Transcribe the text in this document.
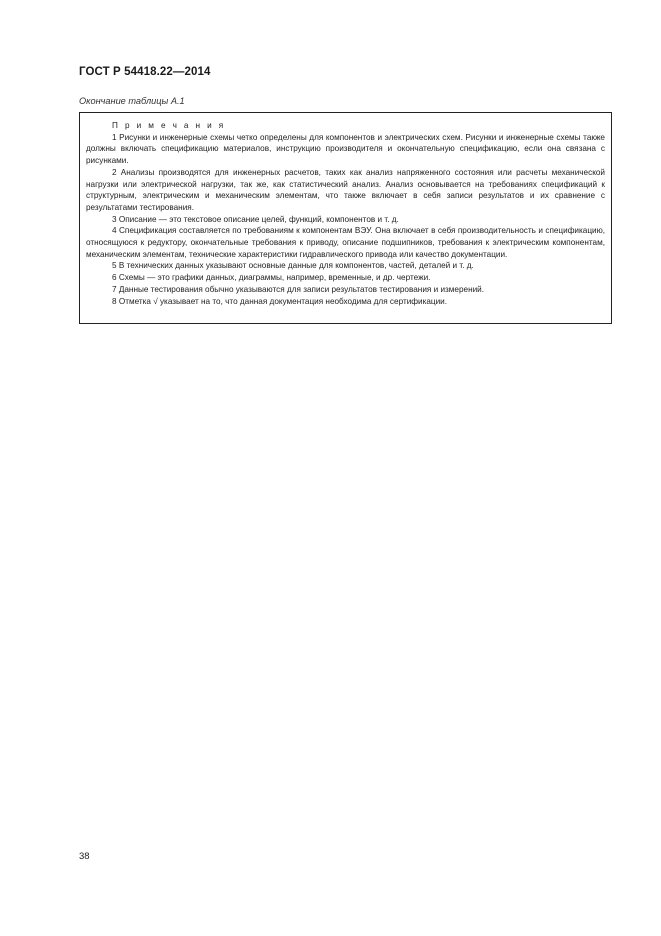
ГОСТ Р 54418.22—2014
Окончание таблицы А.1
П р и м е ч а н и я
1 Рисунки и инженерные схемы четко определены для компонентов и электрических схем. Рисунки и инженерные схемы также должны включать спецификацию материалов, инструкцию производителя и окончательную спецификацию, если она связана с рисунками.
2 Анализы производятся для инженерных расчетов, таких как анализ напряженного состояния или расчеты механической нагрузки или электрической нагрузки, так же, как статистический анализ. Анализ основывается на требованиях спецификаций к структурным, электрическим и механическим элементам, что также включает в себя записи результатов и их сравнение с результатами тестирования.
3 Описание — это текстовое описание целей, функций, компонентов и т. д.
4 Спецификация составляется по требованиям к компонентам ВЭУ. Она включает в себя производительность и спецификацию, относящуюся к редуктору, окончательные требования к приводу, описание подшипников, требования к электрическим компонентам, механическим элементам, технические характеристики гидравлического привода или качество документации.
5 В технических данных указывают основные данные для компонентов, частей, деталей и т. д.
6 Схемы — это графики данных, диаграммы, например, временные, и др. чертежи.
7 Данные тестирования обычно указываются для записи результатов тестирования и измерений.
8 Отметка √ указывает на то, что данная документация необходима для сертификации.
38
